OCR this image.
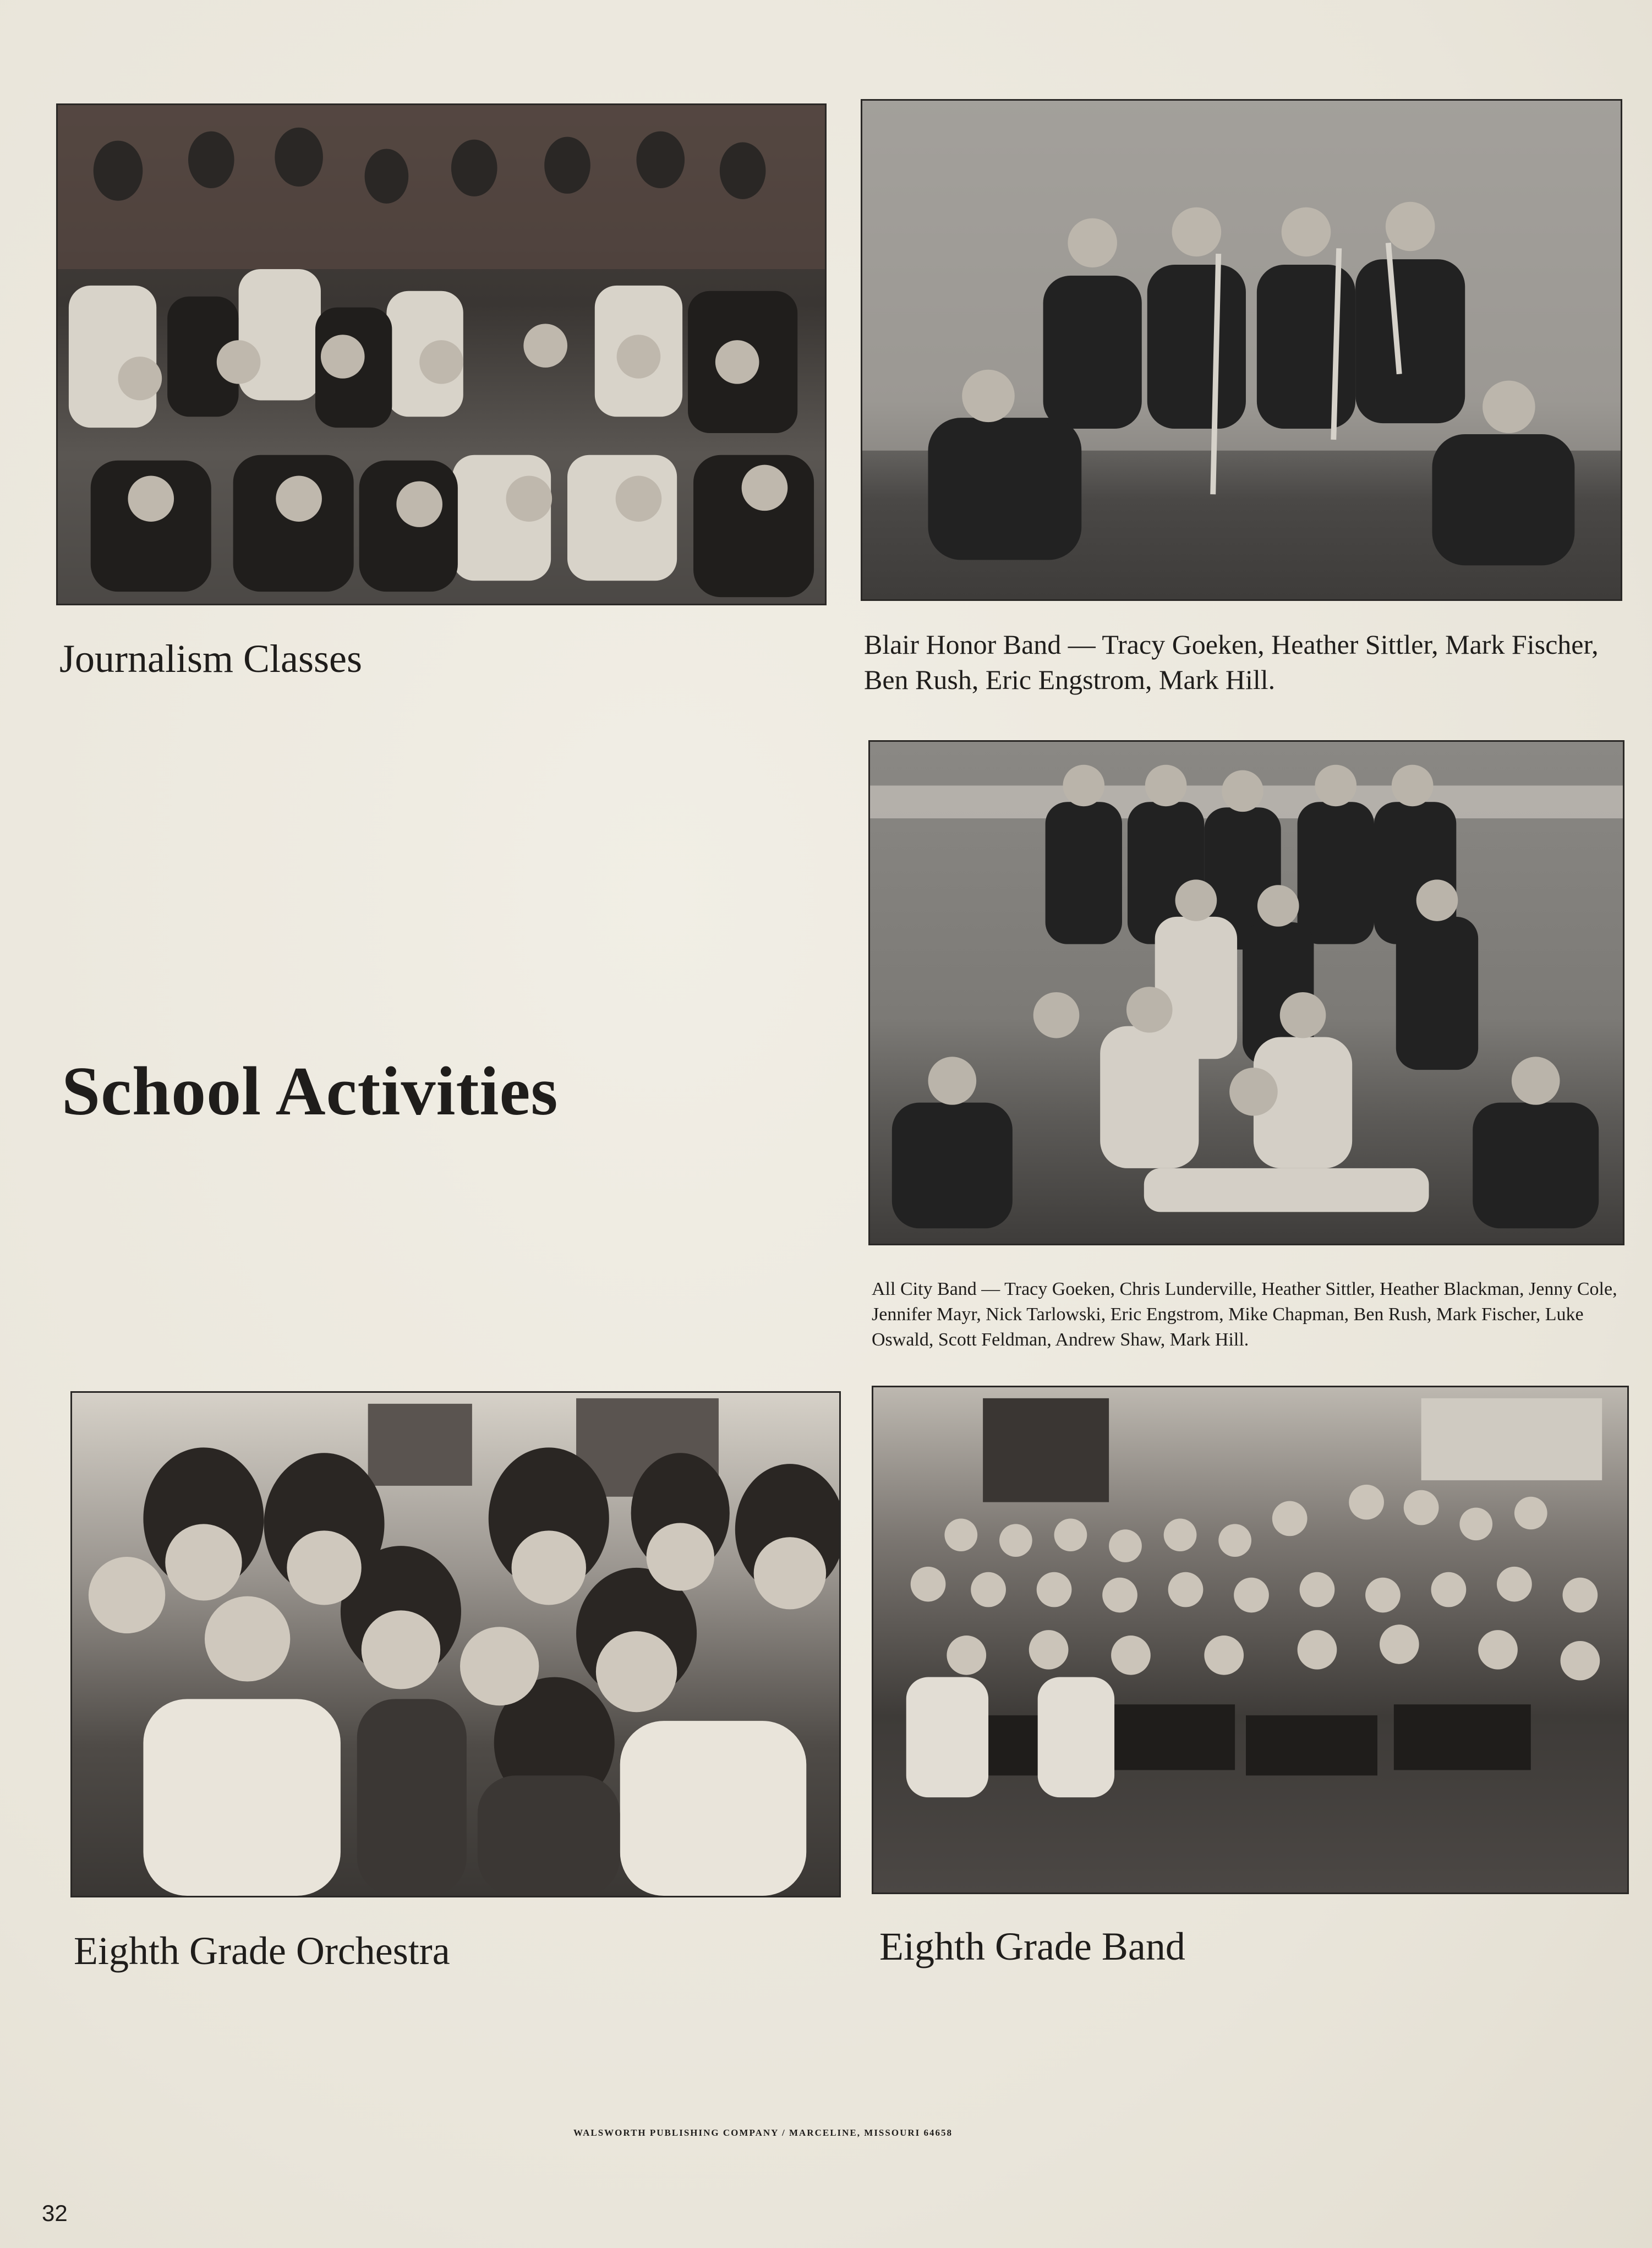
Journalism Classes	Blair Honor Band — Tracy Goeken, Heather Sittler, Mark Fischer, Ben Rush, Eric Engstrom, Mark Hill.

All City Band — Tracy Goeken, Chris Lunderville, Heather Sittler, Heather Blackman, Jenny Cole, Jennifer Mayr, Nick Tarlowski, Eric Engstrom, Mike Chapman, Ben Rush, Mark Fischer, Luke Oswald, Scott Feldman, Andrew Shaw, Mark Hill.

School Activities

Eighth Grade Orchestra	Eighth Grade Band

WALSWORTH PUBLISHING COMPANY / MARCELINE, MISSOURI 64658
32
